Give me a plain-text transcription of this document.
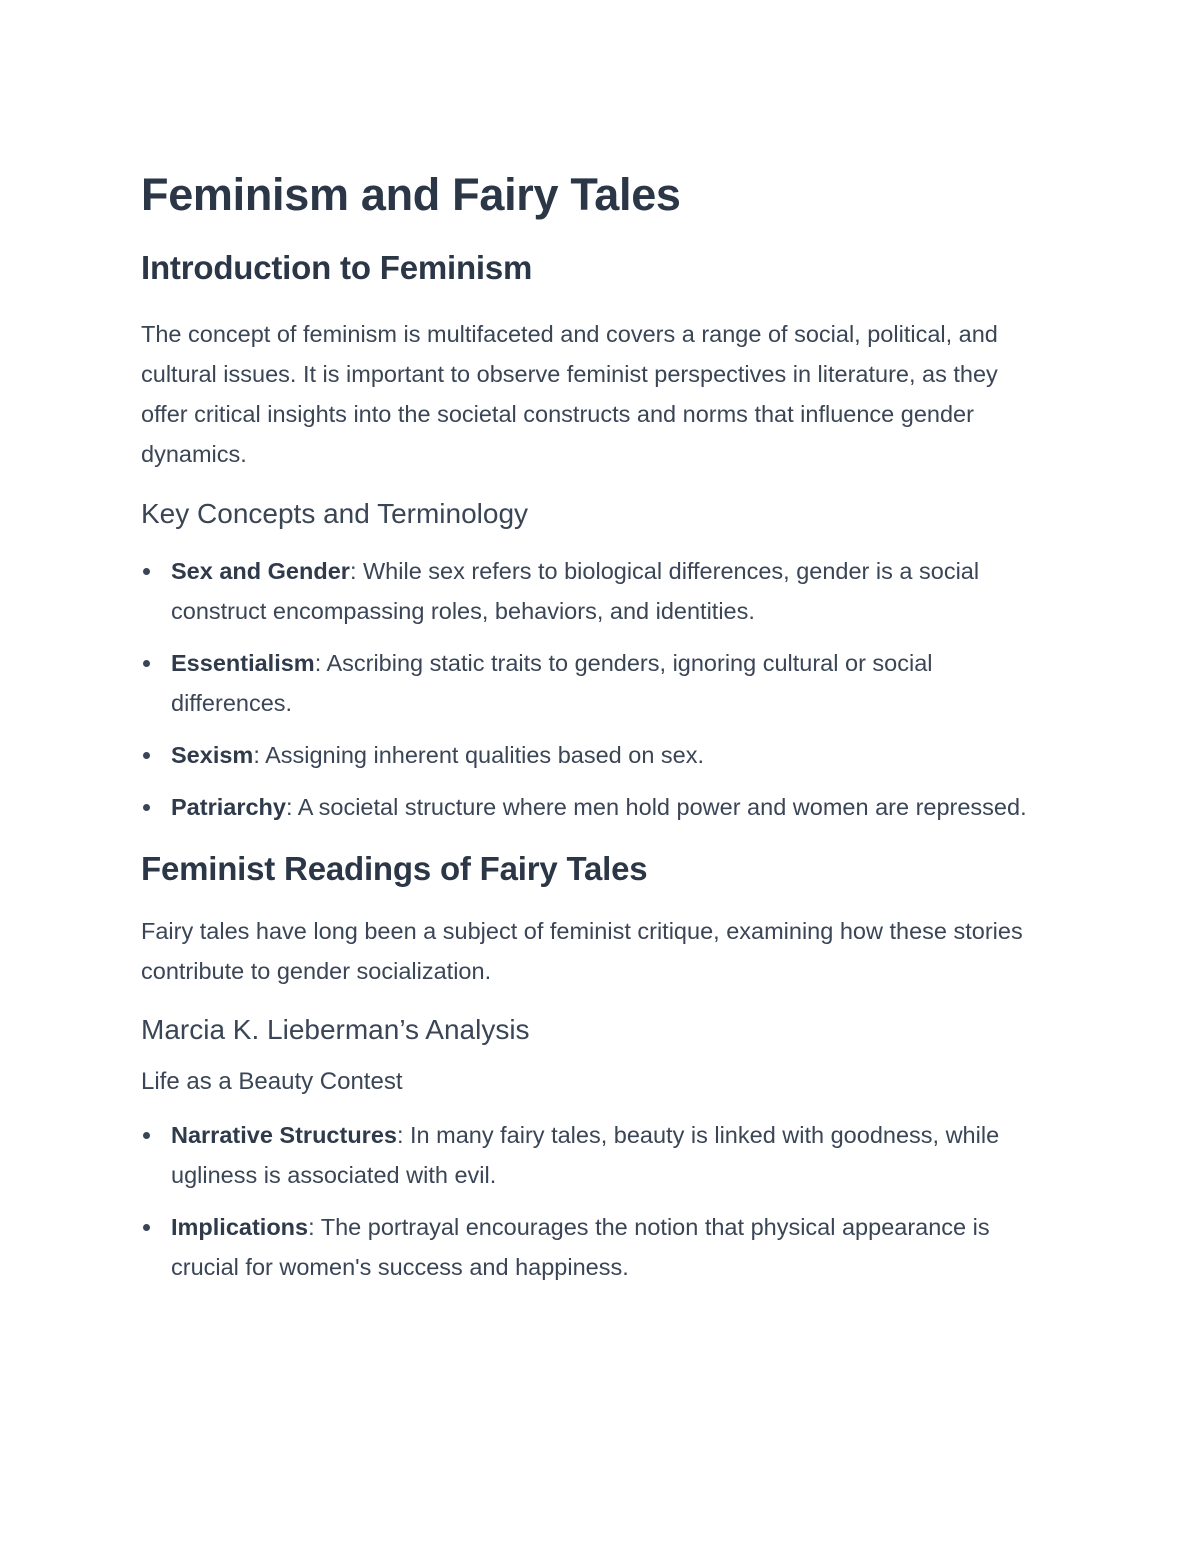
Feminism and Fairy Tales
Introduction to Feminism

The concept of feminism is multifaceted and covers a range of social, political, and cultural issues. It is important to observe feminist perspectives in literature, as they offer critical insights into the societal constructs and norms that influence gender dynamics.

Key Concepts and Terminology
Sex and Gender: While sex refers to biological differences, gender is a social construct encompassing roles, behaviors, and identities.
Essentialism: Ascribing static traits to genders, ignoring cultural or social differences.
Sexism: Assigning inherent qualities based on sex.
Patriarchy: A societal structure where men hold power and women are repressed.
Feminist Readings of Fairy Tales

Fairy tales have long been a subject of feminist critique, examining how these stories contribute to gender socialization.

Marcia K. Lieberman’s Analysis
Life as a Beauty Contest
Narrative Structures: In many fairy tales, beauty is linked with goodness, while ugliness is associated with evil.
Implications: The portrayal encourages the notion that physical appearance is crucial for women's success and happiness.
